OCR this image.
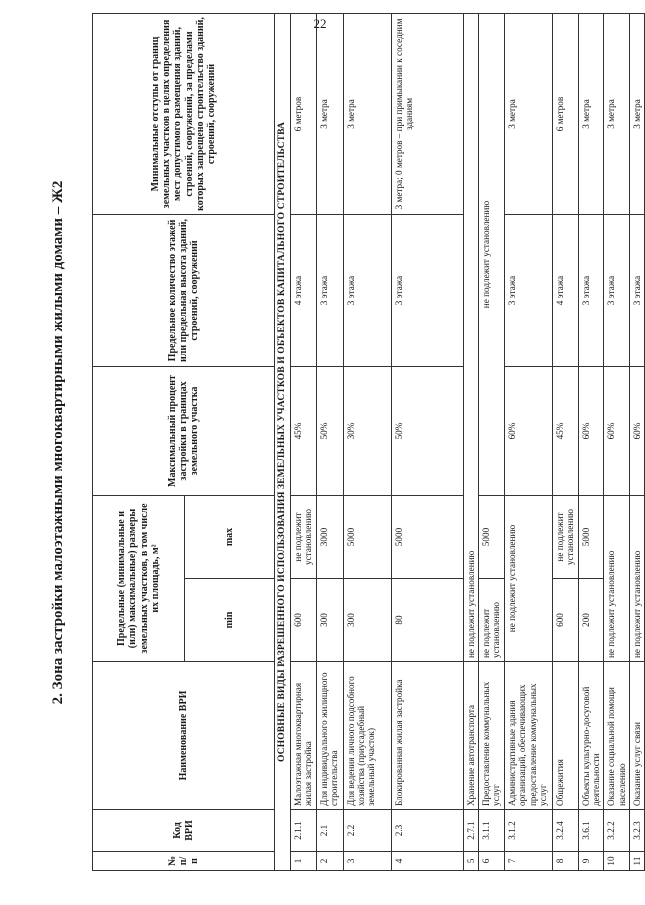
22
2. Зона застройки малоэтажными многоквартирными жилыми домами – Ж2
№ п/п	Код ВРИ	Наименование ВРИ	Предельные (минимальные и (или) максимальные) размеры земельных участков, в том числе их площадь, м²		Максимальный процент застройки в границах земельного участка	Предельное количество этажей или предельная высота зданий, строений, сооружений	Минимальные отступы от границ земельных участков в целях определения мест допустимого размещения зданий, строений, сооружений, за пределами которых запрещено строительство зданий, строений, сооружений
			min	max			
ОСНОВНЫЕ ВИДЫ РАЗРЕШЕННОГО ИСПОЛЬЗОВАНИЯ ЗЕМЕЛЬНЫХ УЧАСТКОВ И ОБЪЕКТОВ КАПИТАЛЬНОГО СТРОИТЕЛЬСТВА							
1	2.1.1	Малоэтажная многоквартирная жилая застройка	600	не подлежит установлению	45%	4 этажа	6 метров
2	2.1	Для индивидуального жилищного строительства	300	3000	50%	3 этажа	3 метра
3	2.2	Для ведения личного подсобного хозяйства (приусадебный земельный участок)	300	5000	30%	3 этажа	3 метра
4	2.3	Блокированная жилая застройка	80	5000	50%	3 этажа	3 метра; 0 метров – при примыкании к соседним зданиям
5	2.7.1	Хранение автотранспорта	не подлежит установлению				
6	3.1.1	Предоставление коммунальных услуг	не подлежит установлению	5000	не подлежит установлению		
7	3.1.2	Административные здания организаций, обеспечивающих предоставление коммунальных услуг	не подлежит установлению		60%	3 этажа	3 метра
8	3.2.4	Общежития	600	не подлежит установлению	45%	4 этажа	6 метров
9	3.6.1	Объекты культурно-досуговой деятельности	200	5000	60%	3 этажа	3 метра
10	3.2.2	Оказание социальной помощи населению	не подлежит установлению		60%	3 этажа	3 метра
11	3.2.3	Оказание услуг связи	не подлежит установлению		60%	3 этажа	3 метра
